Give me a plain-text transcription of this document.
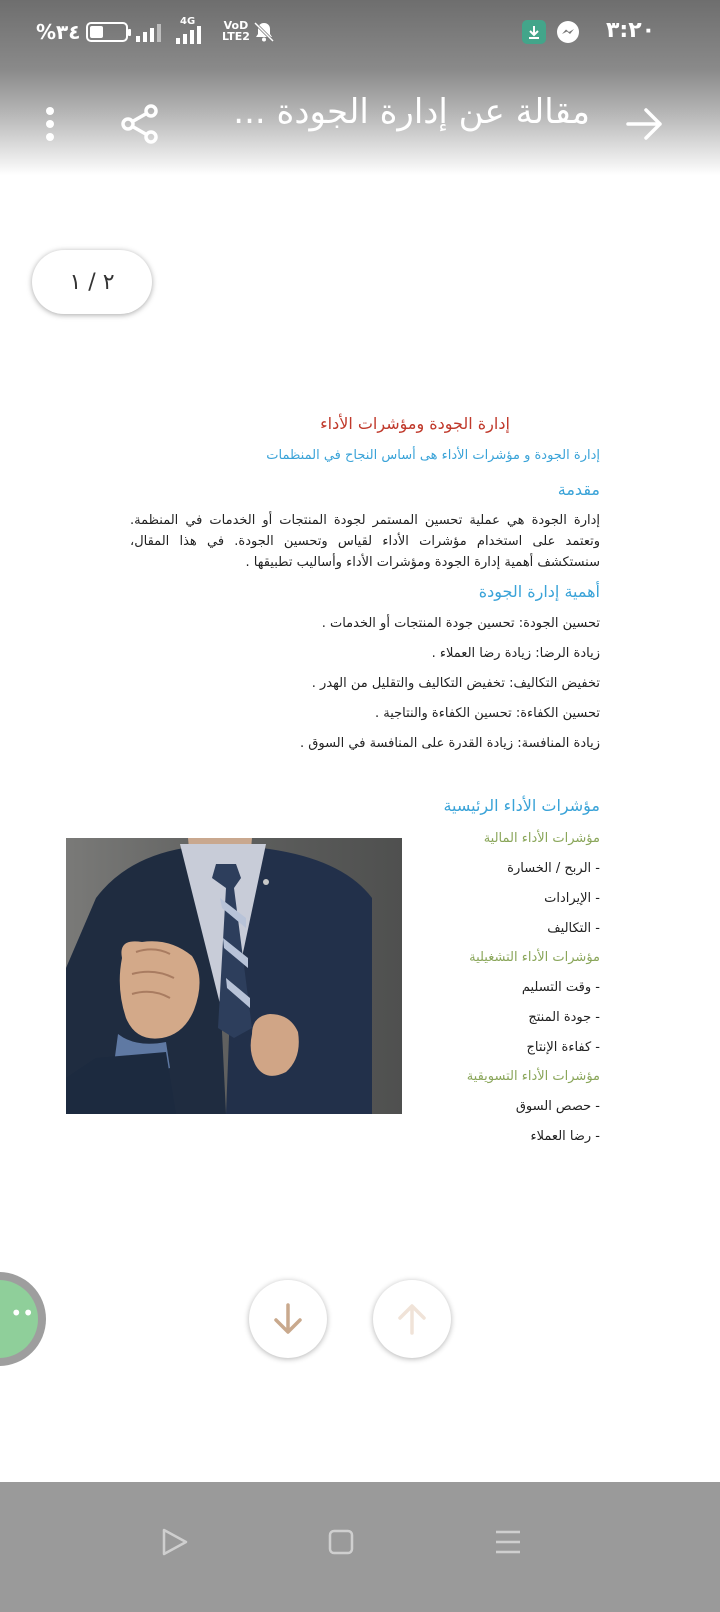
%٣٤	4G	VoD
LTE2	٣:٢٠
مقالة عن إدارة الجودة ...
٢ / ١
إدارة الجودة ومؤشرات الأداء
إدارة الجودة و مؤشرات الأداء هى أساس النجاح في المنظمات
مقدمة
إدارة الجودة هي عملية تحسين المستمر لجودة المنتجات أو الخدمات في المنظمة. وتعتمد على استخدام مؤشرات الأداء لقياس وتحسين الجودة. في هذا المقال، سنستكشف أهمية إدارة الجودة ومؤشرات الأداء وأساليب تطبيقها .
أهمية إدارة الجودة
تحسين الجودة: تحسين جودة المنتجات أو الخدمات .
زيادة الرضا: زيادة رضا العملاء .
تخفيض التكاليف: تخفيض التكاليف والتقليل من الهدر .
تحسين الكفاءة: تحسين الكفاءة والنتاجية .
زيادة المنافسة: زيادة القدرة على المنافسة في السوق .
مؤشرات الأداء الرئيسية
مؤشرات الأداء المالية
- الربح / الخسارة
- الإيرادات
- التكاليف
مؤشرات الأداء التشغيلية
- وقت التسليم
- جودة المنتج
- كفاءة الإنتاج
مؤشرات الأداء التسويقية
- حصص السوق
- رضا العملاء
••
